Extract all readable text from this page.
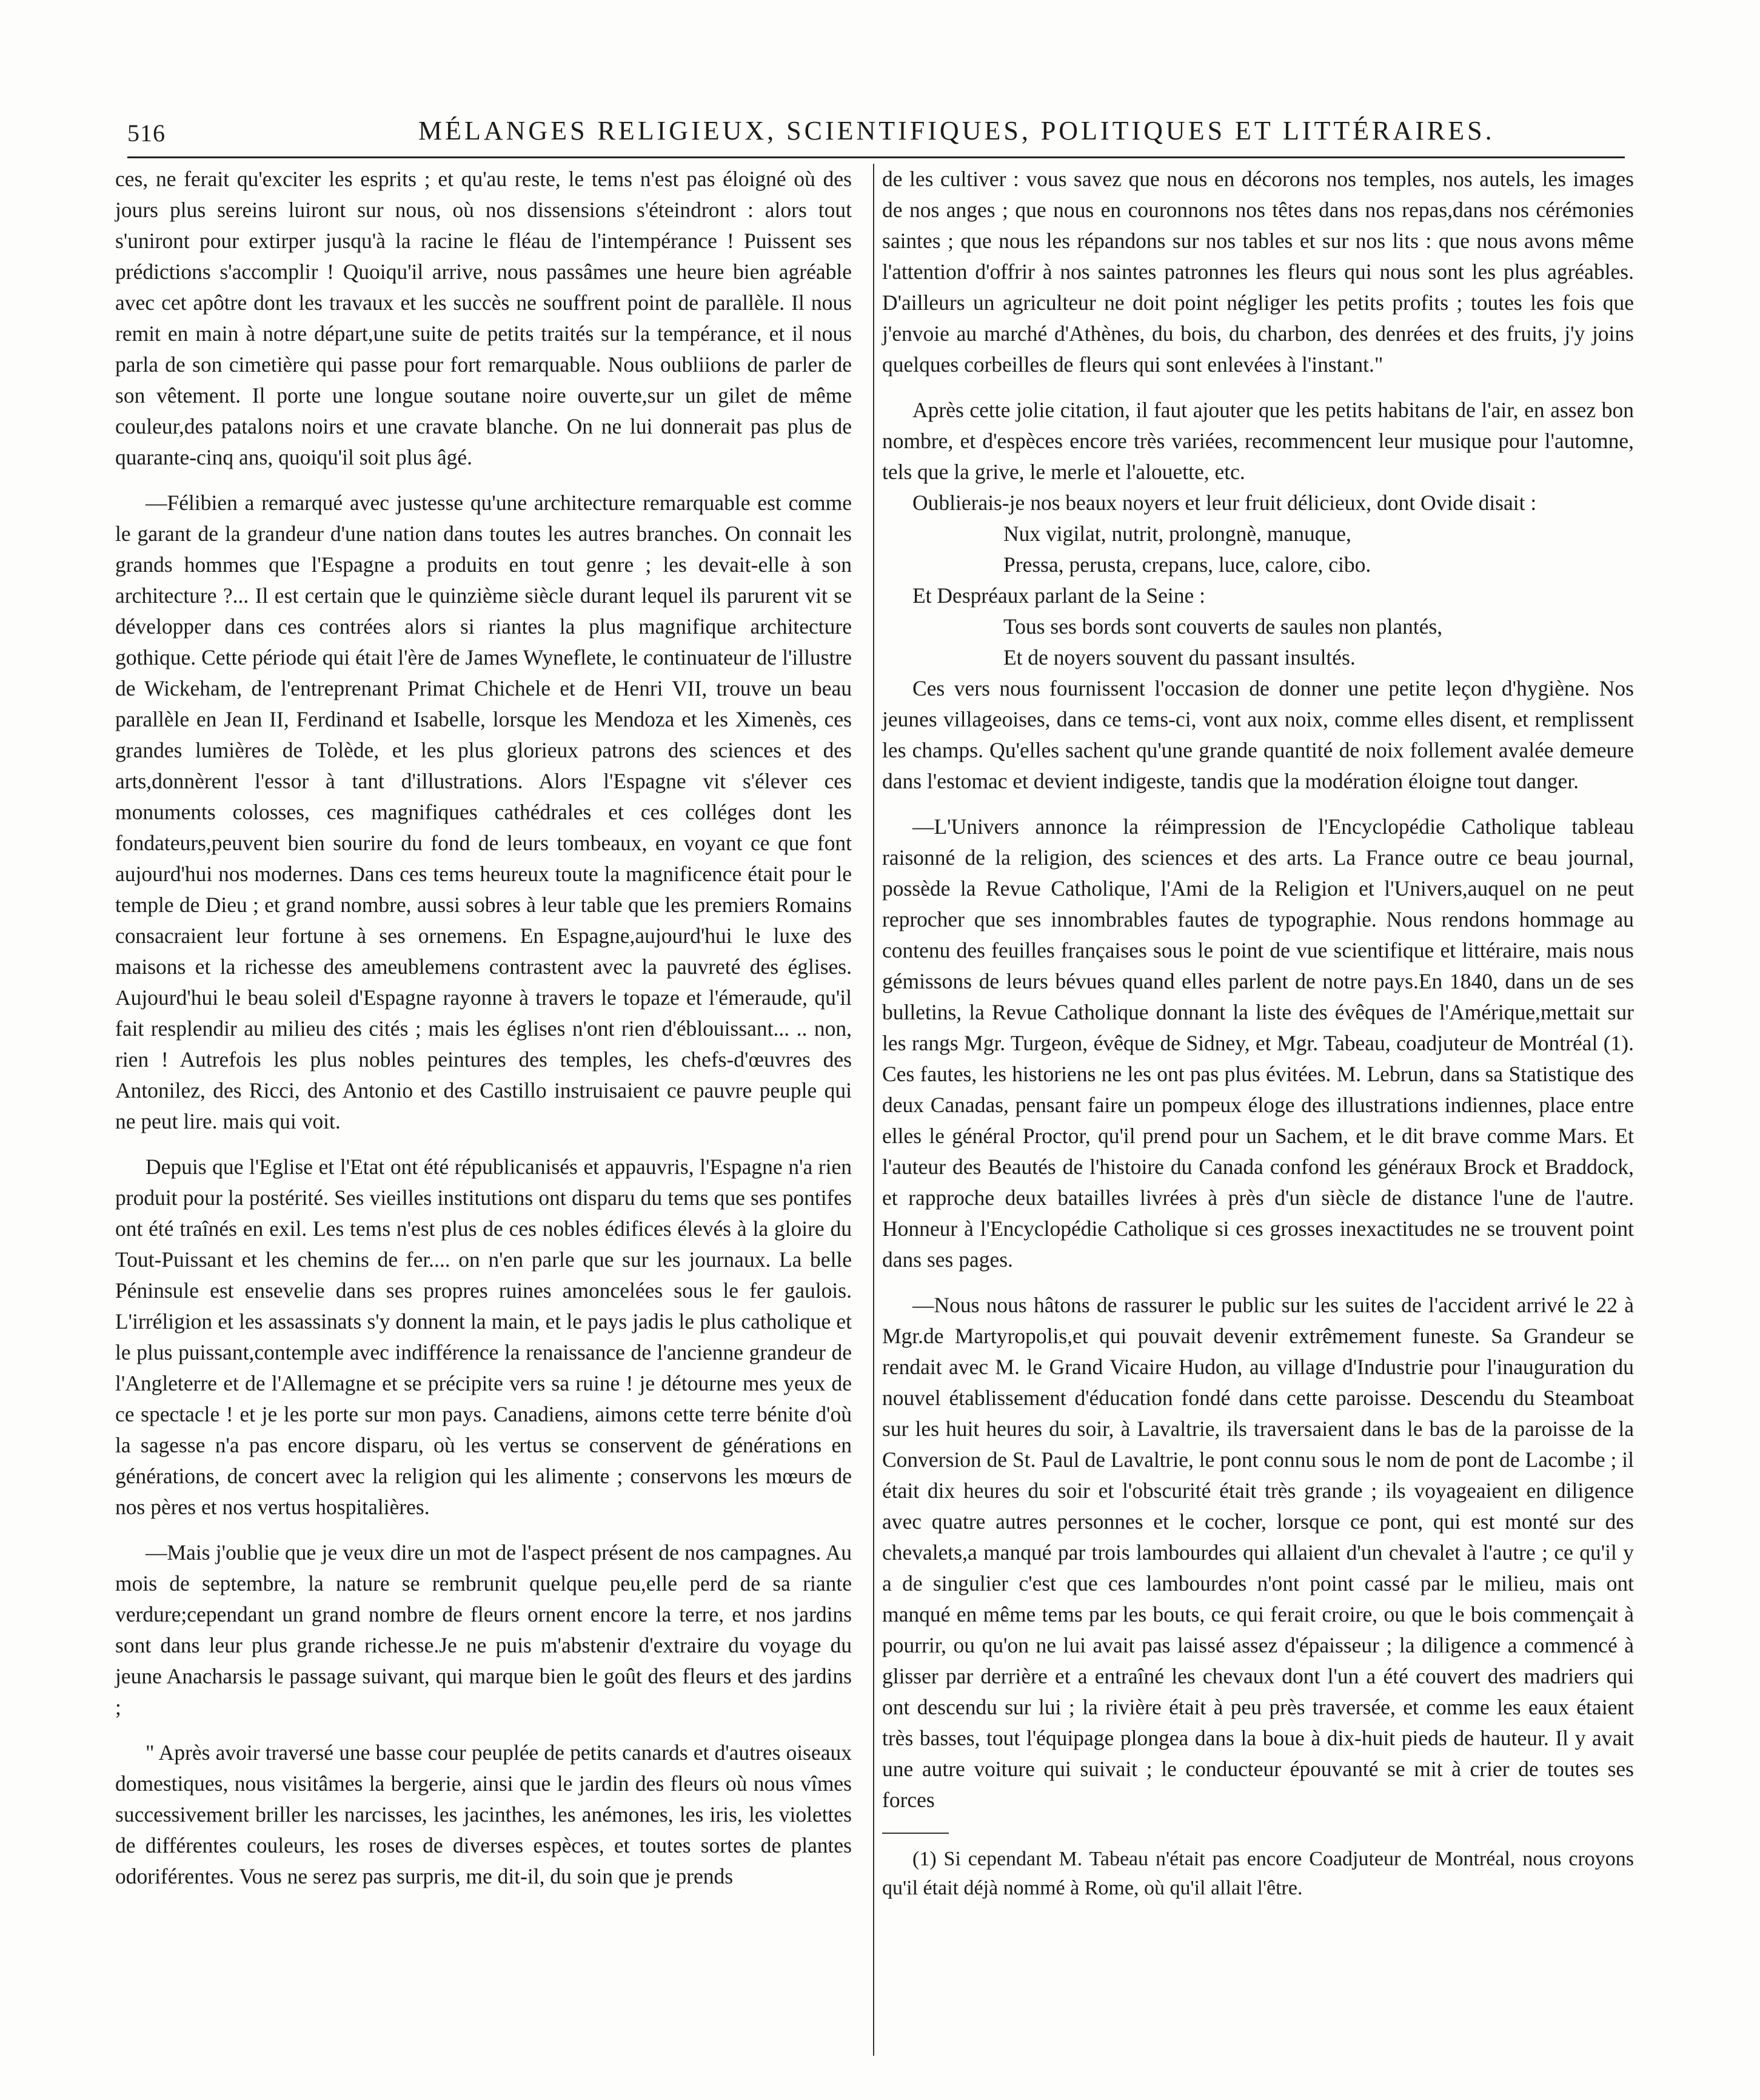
516	MÉLANGES RELIGIEUX, SCIENTIFIQUES, POLITIQUES ET LITTÉRAIRES.

ces, ne ferait qu'exciter les esprits ; et qu'au reste, le tems n'est pas éloigné où des jours plus sereins luiront sur nous, où nos dissensions s'éteindront : alors tout s'uniront pour extirper jusqu'à la racine le fléau de l'intempérance ! Puissent ses prédictions s'accomplir ! Quoiqu'il arrive, nous passâmes une heure bien agréable avec cet apôtre dont les travaux et les succès ne souffrent point de parallèle. Il nous remit en main à notre départ,une suite de petits traités sur la tempérance, et il nous parla de son cimetière qui passe pour fort remarquable. Nous oubliions de parler de son vêtement. Il porte une longue soutane noire ouverte,sur un gilet de même couleur,des patalons noirs et une cravate blanche. On ne lui donnerait pas plus de quarante-cinq ans, quoiqu'il soit plus âgé.

—Félibien a remarqué avec justesse qu'une architecture remarquable est comme le garant de la grandeur d'une nation dans toutes les autres branches. On connait les grands hommes que l'Espagne a produits en tout genre ; les devait-elle à son architecture ?... Il est certain que le quinzième siècle durant lequel ils parurent vit se développer dans ces contrées alors si riantes la plus magnifique architecture gothique. Cette période qui était l'ère de James Wyneflete, le continuateur de l'illustre de Wickeham, de l'entreprenant Primat Chichele et de Henri VII, trouve un beau parallèle en Jean II, Ferdinand et Isabelle, lorsque les Mendoza et les Ximenès, ces grandes lumières de Tolède, et les plus glorieux patrons des sciences et des arts,donnèrent l'essor à tant d'illustrations. Alors l'Espagne vit s'élever ces monuments colosses, ces magnifiques cathédrales et ces colléges dont les fondateurs,peuvent bien sourire du fond de leurs tombeaux, en voyant ce que font aujourd'hui nos modernes. Dans ces tems heureux toute la magnificence était pour le temple de Dieu ; et grand nombre, aussi sobres à leur table que les premiers Romains consacraient leur fortune à ses ornemens. En Espagne,aujourd'hui le luxe des maisons et la richesse des ameublemens contrastent avec la pauvreté des églises. Aujourd'hui le beau soleil d'Espagne rayonne à travers le topaze et l'émeraude, qu'il fait resplendir au milieu des cités ; mais les églises n'ont rien d'éblouissant... .. non, rien ! Autrefois les plus nobles peintures des temples, les chefs-d'œuvres des Antonilez, des Ricci, des Antonio et des Castillo instruisaient ce pauvre peuple qui ne peut lire. mais qui voit.

Depuis que l'Eglise et l'Etat ont été républicanisés et appauvris, l'Espagne n'a rien produit pour la postérité. Ses vieilles institutions ont disparu du tems que ses pontifes ont été traînés en exil. Les tems n'est plus de ces nobles édifices élevés à la gloire du Tout-Puissant et les chemins de fer.... on n'en parle que sur les journaux. La belle Péninsule est ensevelie dans ses propres ruines amoncelées sous le fer gaulois. L'irréligion et les assassinats s'y donnent la main, et le pays jadis le plus catholique et le plus puissant,contemple avec indifférence la renaissance de l'ancienne grandeur de l'Angleterre et de l'Allemagne et se précipite vers sa ruine ! je détourne mes yeux de ce spectacle ! et je les porte sur mon pays. Canadiens, aimons cette terre bénite d'où la sagesse n'a pas encore disparu, où les vertus se conservent de générations en générations, de concert avec la religion qui les alimente ; conservons les mœurs de nos pères et nos vertus hospitalières.

—Mais j'oublie que je veux dire un mot de l'aspect présent de nos campagnes. Au mois de septembre, la nature se rembrunit quelque peu,elle perd de sa riante verdure;cependant un grand nombre de fleurs ornent encore la terre, et nos jardins sont dans leur plus grande richesse.Je ne puis m'abstenir d'extraire du voyage du jeune Anacharsis le passage suivant, qui marque bien le goût des fleurs et des jardins ;

" Après avoir traversé une basse cour peuplée de petits canards et d'autres oiseaux domestiques, nous visitâmes la bergerie, ainsi que le jardin des fleurs où nous vîmes successivement briller les narcisses, les jacinthes, les anémones, les iris, les violettes de différentes couleurs, les roses de diverses espèces, et toutes sortes de plantes odoriférentes. Vous ne serez pas surpris, me dit-il, du soin que je prends

de les cultiver : vous savez que nous en décorons nos temples, nos autels, les images de nos anges ; que nous en couronnons nos têtes dans nos repas,dans nos cérémonies saintes ; que nous les répandons sur nos tables et sur nos lits : que nous avons même l'attention d'offrir à nos saintes patronnes les fleurs qui nous sont les plus agréables. D'ailleurs un agriculteur ne doit point négliger les petits profits ; toutes les fois que j'envoie au marché d'Athènes, du bois, du charbon, des denrées et des fruits, j'y joins quelques corbeilles de fleurs qui sont enlevées à l'instant."

Après cette jolie citation, il faut ajouter que les petits habitans de l'air, en assez bon nombre, et d'espèces encore très variées, recommencent leur musique pour l'automne, tels que la grive, le merle et l'alouette, etc.

Oublierais-je nos beaux noyers et leur fruit délicieux, dont Ovide disait :

Nux vigilat, nutrit, prolongnè, manuque,

Pressa, perusta, crepans, luce, calore, cibo.

Et Despréaux parlant de la Seine :

Tous ses bords sont couverts de saules non plantés,

Et de noyers souvent du passant insultés.

Ces vers nous fournissent l'occasion de donner une petite leçon d'hygiène. Nos jeunes villageoises, dans ce tems-ci, vont aux noix, comme elles disent, et remplissent les champs. Qu'elles sachent qu'une grande quantité de noix follement avalée demeure dans l'estomac et devient indigeste, tandis que la modération éloigne tout danger.

—L'Univers annonce la réimpression de l'Encyclopédie Catholique tableau raisonné de la religion, des sciences et des arts. La France outre ce beau journal, possède la Revue Catholique, l'Ami de la Religion et l'Univers,auquel on ne peut reprocher que ses innombrables fautes de typographie. Nous rendons hommage au contenu des feuilles françaises sous le point de vue scientifique et littéraire, mais nous gémissons de leurs bévues quand elles parlent de notre pays.En 1840, dans un de ses bulletins, la Revue Catholique donnant la liste des évêques de l'Amérique,mettait sur les rangs Mgr. Turgeon, évêque de Sidney, et Mgr. Tabeau, coadjuteur de Montréal (1). Ces fautes, les historiens ne les ont pas plus évitées. M. Lebrun, dans sa Statistique des deux Canadas, pensant faire un pompeux éloge des illustrations indiennes, place entre elles le général Proctor, qu'il prend pour un Sachem, et le dit brave comme Mars. Et l'auteur des Beautés de l'histoire du Canada confond les généraux Brock et Braddock, et rapproche deux batailles livrées à près d'un siècle de distance l'une de l'autre. Honneur à l'Encyclopédie Catholique si ces grosses inexactitudes ne se trouvent point dans ses pages.

—Nous nous hâtons de rassurer le public sur les suites de l'accident arrivé le 22 à Mgr.de Martyropolis,et qui pouvait devenir extrêmement funeste. Sa Grandeur se rendait avec M. le Grand Vicaire Hudon, au village d'Industrie pour l'inauguration du nouvel établissement d'éducation fondé dans cette paroisse. Descendu du Steamboat sur les huit heures du soir, à Lavaltrie, ils traversaient dans le bas de la paroisse de la Conversion de St. Paul de Lavaltrie, le pont connu sous le nom de pont de Lacombe ; il était dix heures du soir et l'obscurité était très grande ; ils voyageaient en diligence avec quatre autres personnes et le cocher, lorsque ce pont, qui est monté sur des chevalets,a manqué par trois lambourdes qui allaient d'un chevalet à l'autre ; ce qu'il y a de singulier c'est que ces lambourdes n'ont point cassé par le milieu, mais ont manqué en même tems par les bouts, ce qui ferait croire, ou que le bois commençait à pourrir, ou qu'on ne lui avait pas laissé assez d'épaisseur ; la diligence a commencé à glisser par derrière et a entraîné les chevaux dont l'un a été couvert des madriers qui ont descendu sur lui ; la rivière était à peu près traversée, et comme les eaux étaient très basses, tout l'équipage plongea dans la boue à dix-huit pieds de hauteur. Il y avait une autre voiture qui suivait ; le conducteur épouvanté se mit à crier de toutes ses forces

(1) Si cependant M. Tabeau n'était pas encore Coadjuteur de Montréal, nous croyons qu'il était déjà nommé à Rome, où qu'il allait l'être.
